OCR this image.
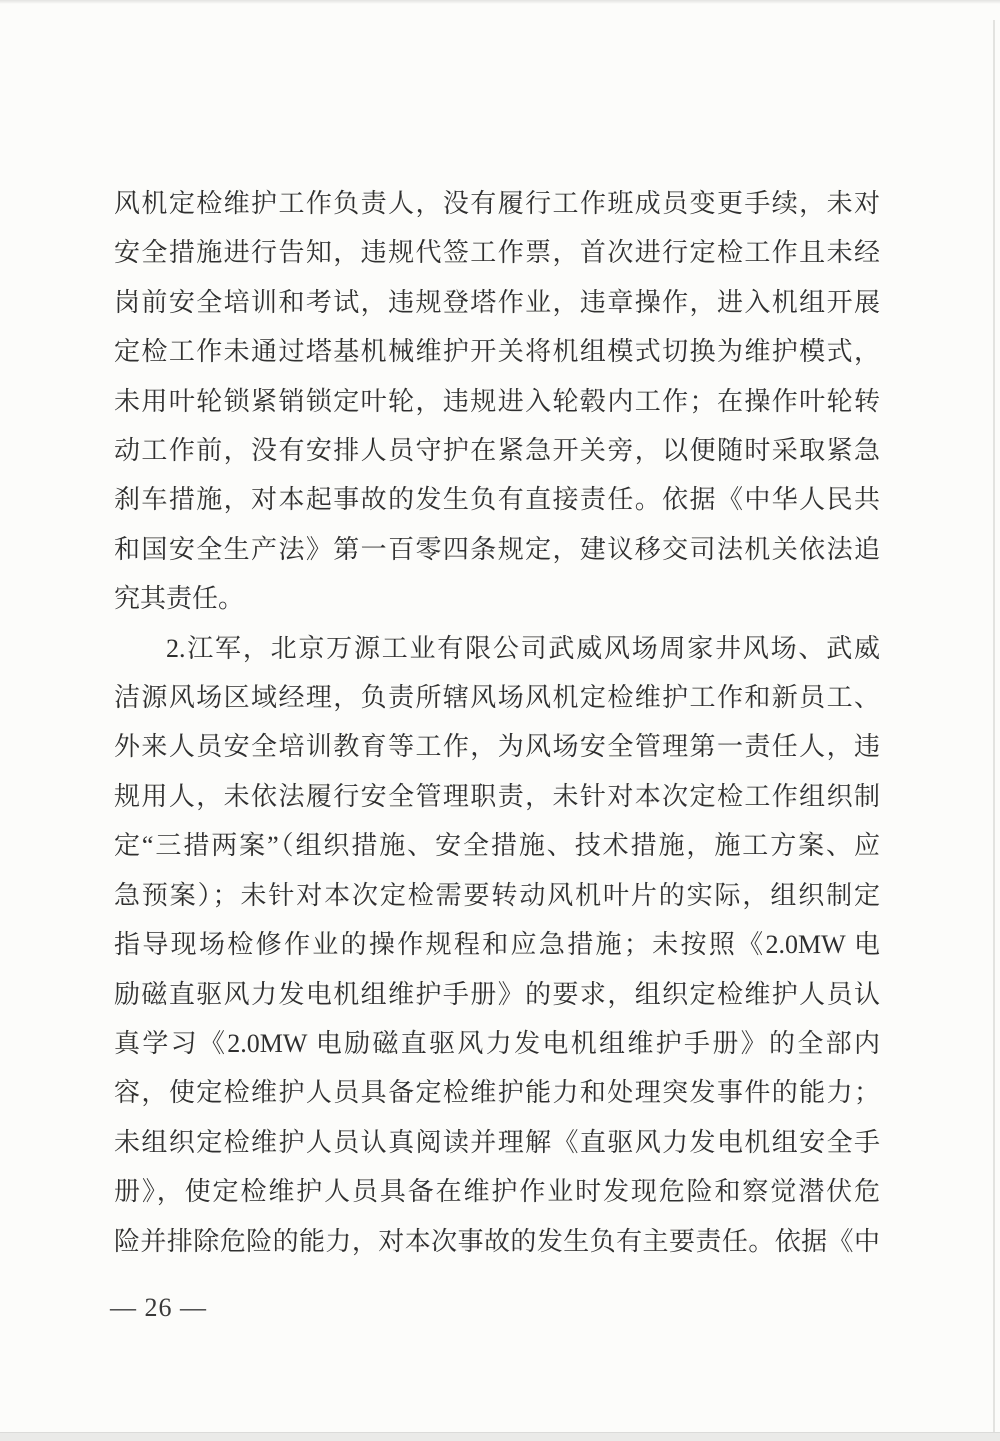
风机定检维护工作负责人，没有履行工作班成员变更手续，未对
安全措施进行告知，违规代签工作票，首次进行定检工作且未经
岗前安全培训和考试，违规登塔作业，违章操作，进入机组开展
定检工作未通过塔基机械维护开关将机组模式切换为维护模式，
未用叶轮锁紧销锁定叶轮，违规进入轮毂内工作；在操作叶轮转
动工作前，没有安排人员守护在紧急开关旁，以便随时采取紧急
刹车措施，对本起事故的发生负有直接责任。依据《中华人民共
和国安全生产法》第一百零四条规定，建议移交司法机关依法追
究其责任。
2.江军，北京万源工业有限公司武威风场周家井风场、武威
洁源风场区域经理，负责所辖风场风机定检维护工作和新员工、
外来人员安全培训教育等工作，为风场安全管理第一责任人，违
规用人，未依法履行安全管理职责，未针对本次定检工作组织制
定“三措两案”（组织措施、安全措施、技术措施，施工方案、应
急预案）；未针对本次定检需要转动风机叶片的实际，组织制定
指导现场检修作业的操作规程和应急措施；未按照《2.0MW 电
励磁直驱风力发电机组维护手册》的要求，组织定检维护人员认
真学习《2.0MW 电励磁直驱风力发电机组维护手册》的全部内
容，使定检维护人员具备定检维护能力和处理突发事件的能力；
未组织定检维护人员认真阅读并理解《直驱风力发电机组安全手
册》，使定检维护人员具备在维护作业时发现危险和察觉潜伏危
险并排除危险的能力，对本次事故的发生负有主要责任。依据《中
— 26 —
